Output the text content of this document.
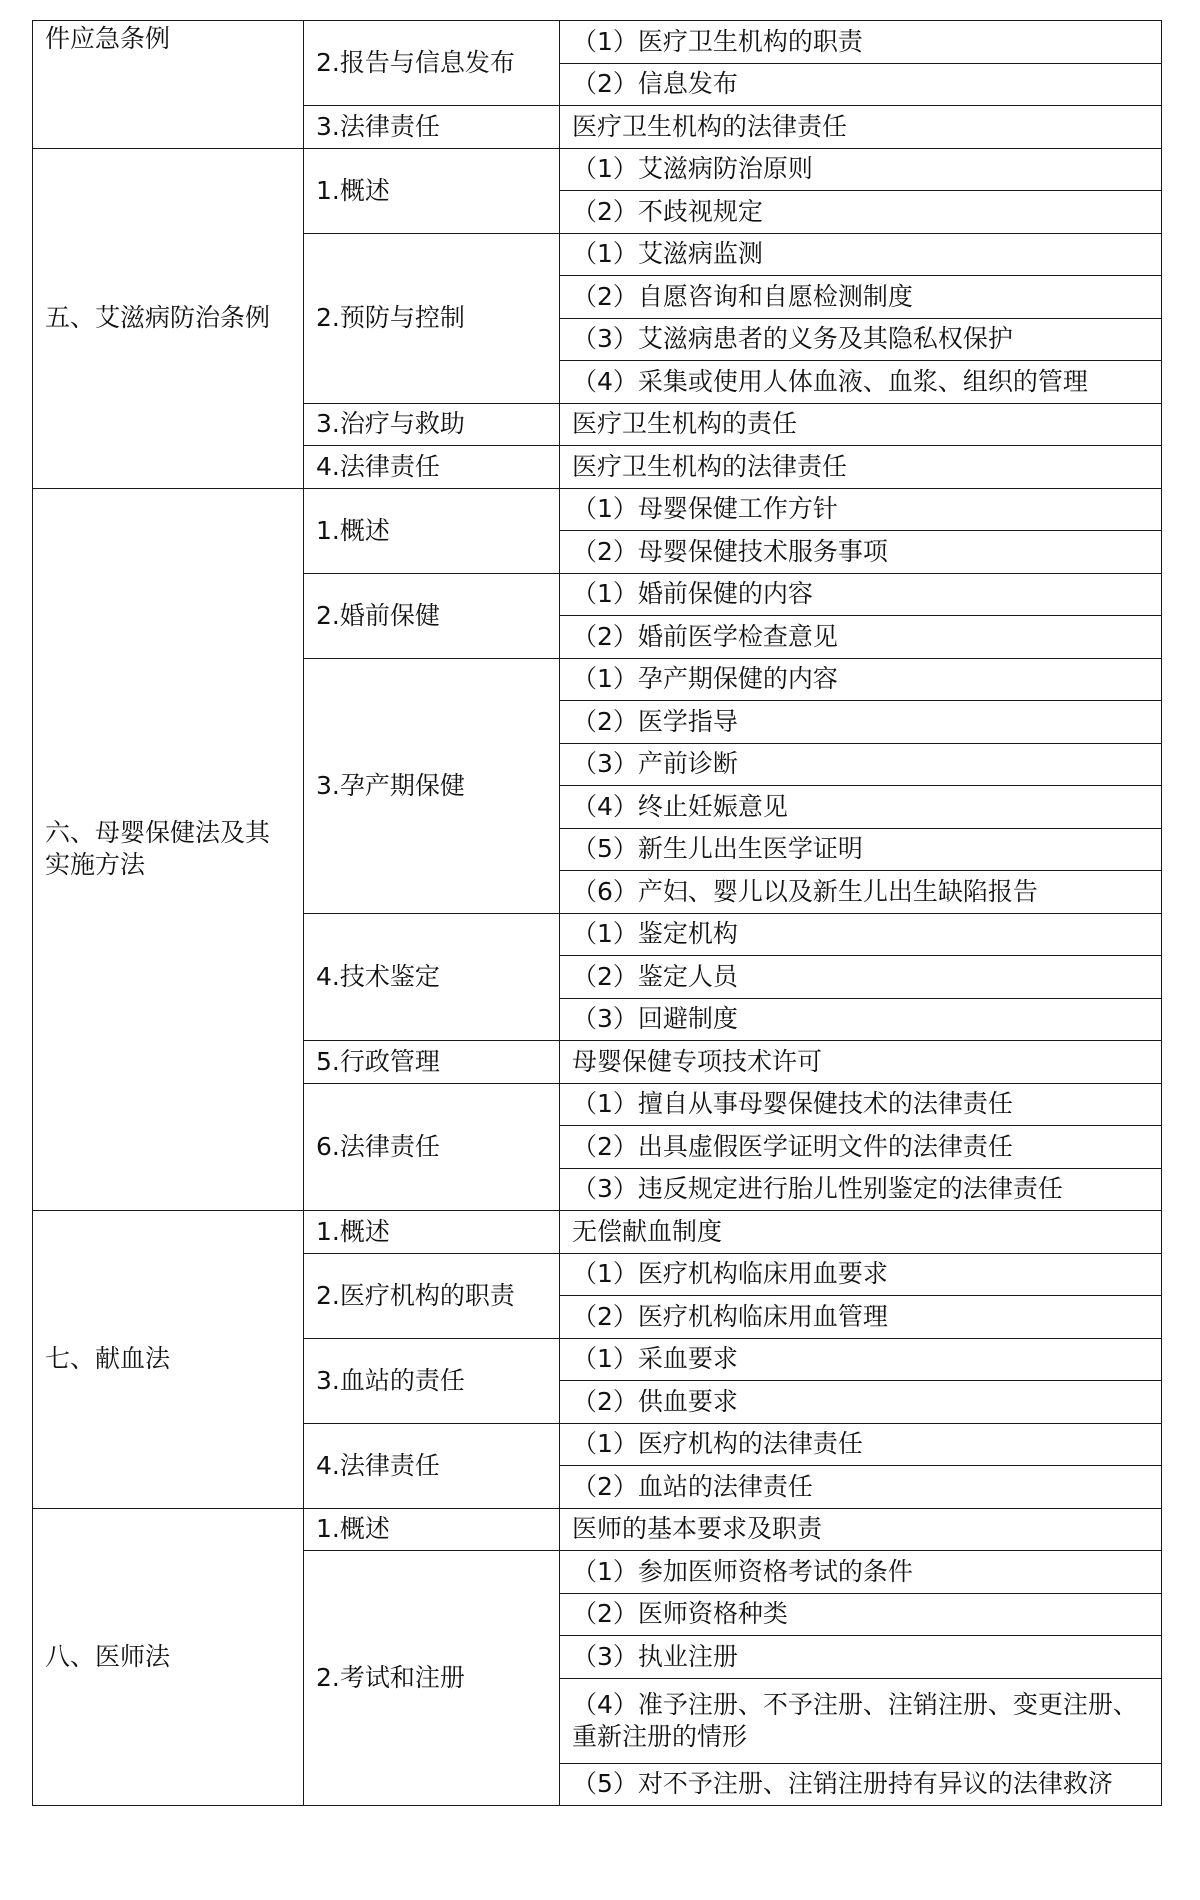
件应急条例	2.报告与信息发布	（1）医疗卫生机构的职责
		（2）信息发布
	3.法律责任	医疗卫生机构的法律责任
五、艾滋病防治条例	1.概述	（1）艾滋病防治原则
		（2）不歧视规定
	2.预防与控制	（1）艾滋病监测
		（2）自愿咨询和自愿检测制度
		（3）艾滋病患者的义务及其隐私权保护
		（4）采集或使用人体血液、血浆、组织的管理
	3.治疗与救助	医疗卫生机构的责任
	4.法律责任	医疗卫生机构的法律责任
六、母婴保健法及其实施方法	1.概述	（1）母婴保健工作方针
		（2）母婴保健技术服务事项
	2.婚前保健	（1）婚前保健的内容
		（2）婚前医学检查意见
	3.孕产期保健	（1）孕产期保健的内容
		（2）医学指导
		（3）产前诊断
		（4）终止妊娠意见
		（5）新生儿出生医学证明
		（6）产妇、婴儿以及新生儿出生缺陷报告
	4.技术鉴定	（1）鉴定机构
		（2）鉴定人员
		（3）回避制度
	5.行政管理	母婴保健专项技术许可
	6.法律责任	（1）擅自从事母婴保健技术的法律责任
		（2）出具虚假医学证明文件的法律责任
		（3）违反规定进行胎儿性别鉴定的法律责任
七、献血法	1.概述	无偿献血制度
	2.医疗机构的职责	（1）医疗机构临床用血要求
		（2）医疗机构临床用血管理
	3.血站的责任	（1）采血要求
		（2）供血要求
	4.法律责任	（1）医疗机构的法律责任
		（2）血站的法律责任
八、医师法	1.概述	医师的基本要求及职责
	2.考试和注册	（1）参加医师资格考试的条件
		（2）医师资格种类
		（3）执业注册
		（4）准予注册、不予注册、注销注册、变更注册、重新注册的情形
		（5）对不予注册、注销注册持有异议的法律救济
